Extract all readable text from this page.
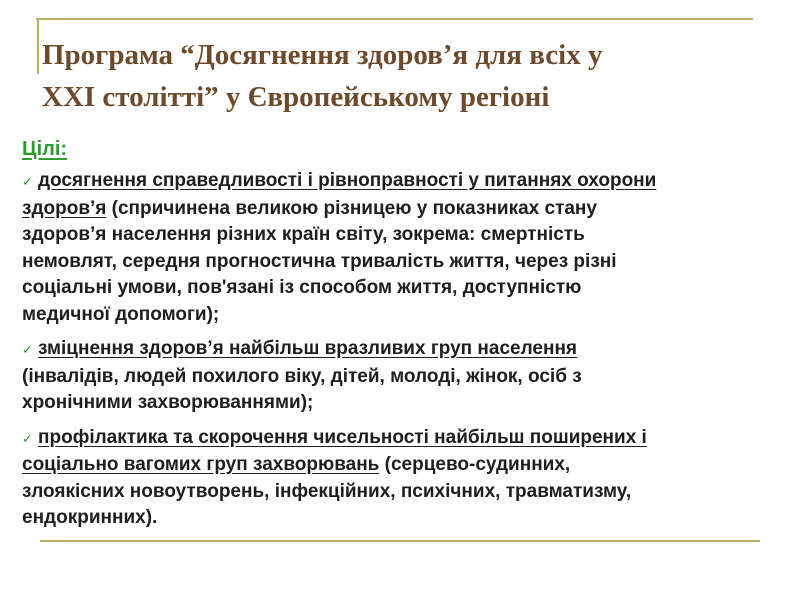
Програма “Досягнення здоров’я для всіх у
XXI столітті” у Європейському регіоні
Цілі:
✓ досягнення справедливості і рівноправності у питаннях охорони
здоров’я (спричинена великою різницею у показниках стану
здоров’я населення різних країн світу, зокрема: смертність
немовлят, середня прогностична тривалість життя, через різні
соціальні умови, пов'язані із способом життя, доступністю
медичної допомоги);
✓ зміцнення здоров’я найбільш вразливих груп населення
(інвалідів, людей похилого віку, дітей, молоді, жінок, осіб з
хронічними захворюваннями);
✓ профілактика та скорочення чисельності найбільш поширених і
соціально вагомих груп захворювань (серцево-судинних,
злоякісних новоутворень, інфекційних, психічних, травматизму,
ендокринних).
